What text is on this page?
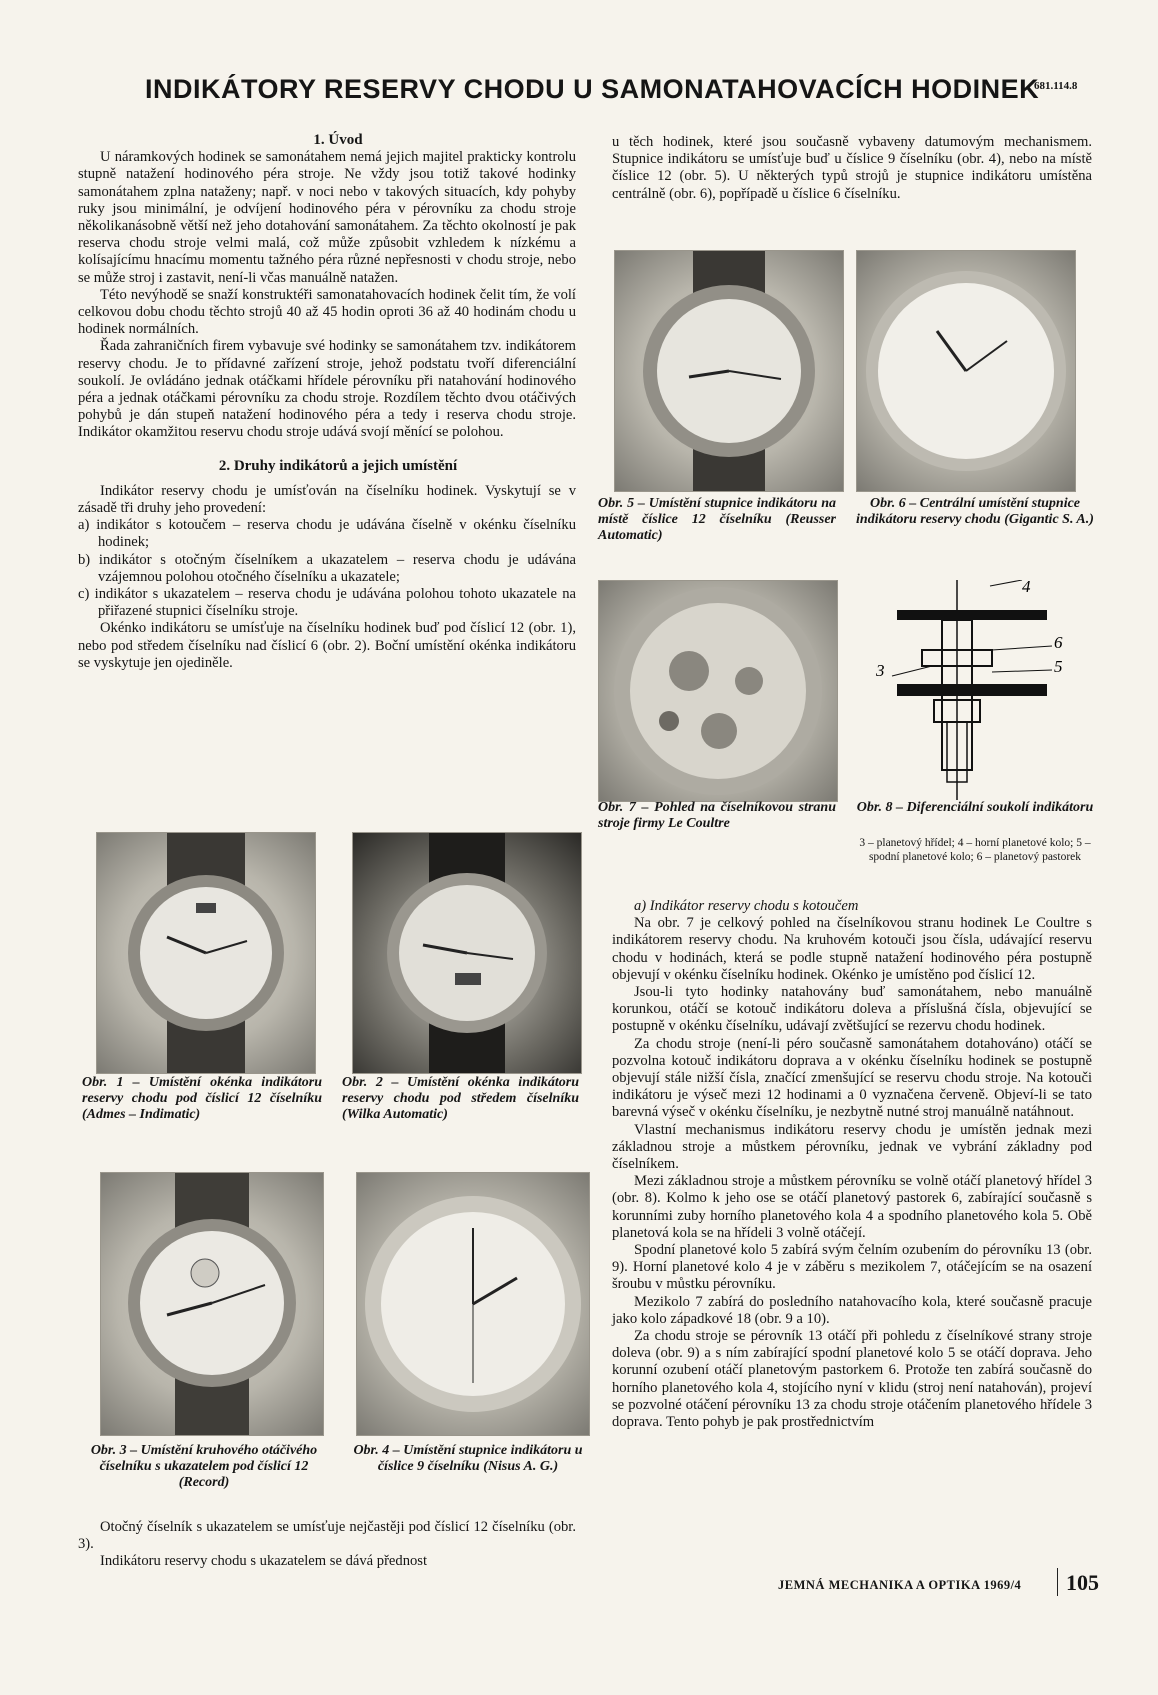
INDIKÁTORY RESERVY CHODU U SAMONATAHOVACÍCH HODINEK
681.114.8

1. Úvod

U náramkových hodinek se samonátahem nemá jejich majitel prakticky kontrolu stupně natažení hodinového péra stroje. Ne vždy jsou totiž takové hodinky samonátahem zplna nataženy; např. v noci nebo v takových situacích, kdy pohyby ruky jsou minimální, je odvíjení hodinového péra v pérovníku za chodu stroje několikanásobně větší než jeho dotahování samonátahem. Za těchto okolností je pak reserva chodu stroje velmi malá, což může způsobit vzhledem k nízkému a kolísajícímu hnacímu momentu tažného péra různé nepřesnosti v chodu stroje, nebo se může stroj i zastavit, není-li včas manuálně natažen.

Této nevýhodě se snaží konstruktéři samonatahovacích hodinek čelit tím, že volí celkovou dobu chodu těchto strojů 40 až 45 hodin oproti 36 až 40 hodinám chodu u hodinek normálních.

Řada zahraničních firem vybavuje své hodinky se samonátahem tzv. indikátorem reservy chodu. Je to přídavné zařízení stroje, jehož podstatu tvoří diferenciální soukolí. Je ovládáno jednak otáčkami hřídele pérovníku při natahování hodinového péra a jednak otáčkami pérovníku za chodu stroje. Rozdílem těchto dvou otáčivých pohybů je dán stupeň natažení hodinového péra a tedy i reserva chodu stroje. Indikátor okamžitou reservu chodu stroje udává svojí měnící se polohou.

2. Druhy indikátorů a jejich umístění

Indikátor reservy chodu je umísťován na číselníku hodinek. Vyskytují se v zásadě tři druhy jeho provedení:

a) indikátor s kotoučem – reserva chodu je udávána číselně v okénku číselníku hodinek;

b) indikátor s otočným číselníkem a ukazatelem – reserva chodu je udávána vzájemnou polohou otočného číselníku a ukazatele;

c) indikátor s ukazatelem – reserva chodu je udávána polohou tohoto ukazatele na přiřazené stupnici číselníku stroje.

Okénko indikátoru se umísťuje na číselníku hodinek buď pod číslicí 12 (obr. 1), nebo pod středem číselníku nad číslicí 6 (obr. 2). Boční umístění okénka indikátoru se vyskytuje jen ojediněle.

Obr. 1 – Umístění okénka indikátoru reservy chodu pod číslicí 12 číselníku (Admes – Indimatic)
Obr. 2 – Umístění okénka indikátoru reservy chodu pod středem číselníku (Wilka Automatic)
Obr. 3 – Umístění kruhového otáčivého číselníku s ukazatelem pod číslicí 12 (Record)
Obr. 4 – Umístění stupnice indikátoru u číslice 9 číselníku (Nisus A. G.)

Otočný číselník s ukazatelem se umísťuje nejčastěji pod číslicí 12 číselníku (obr. 3).

Indikátoru reservy chodu s ukazatelem se dává přednost

u těch hodinek, které jsou současně vybaveny datumovým mechanismem. Stupnice indikátoru se umísťuje buď u číslice 9 číselníku (obr. 4), nebo na místě číslice 12 (obr. 5). U některých typů strojů je stupnice indikátoru umístěna centrálně (obr. 6), popřípadě u číslice 6 číselníku.

Obr. 5 – Umístění stupnice indikátoru na místě číslice 12 číselníku (Reusser Automatic)
Obr. 6 – Centrální umístění stupnice indikátoru reservy chodu (Gigantic S. A.)
4
3
6
5
Obr. 7 – Pohled na číselníkovou stranu stroje firmy Le Coultre
Obr. 8 – Diferenciální soukolí indikátoru
3 – planetový hřídel; 4 – horní planetové kolo; 5 – spodní planetové kolo; 6 – planetový pastorek

a) Indikátor reservy chodu s kotoučem

Na obr. 7 je celkový pohled na číselníkovou stranu hodinek Le Coultre s indikátorem reservy chodu. Na kruhovém kotouči jsou čísla, udávající reservu chodu v hodinách, která se podle stupně natažení hodinového péra postupně objevují v okénku číselníku hodinek. Okénko je umístěno pod číslicí 12.

Jsou-li tyto hodinky natahovány buď samonátahem, nebo manuálně korunkou, otáčí se kotouč indikátoru doleva a příslušná čísla, objevující se postupně v okénku číselníku, udávají zvětšující se rezervu chodu hodinek.

Za chodu stroje (není-li péro současně samonátahem dotahováno) otáčí se pozvolna kotouč indikátoru doprava a v okénku číselníku hodinek se postupně objevují stále nižší čísla, značící zmenšující se reservu chodu stroje. Na kotouči indikátoru je výseč mezi 12 hodinami a 0 vyznačena červeně. Objeví-li se tato barevná výseč v okénku číselníku, je nezbytně nutné stroj manuálně natáhnout.

Vlastní mechanismus indikátoru reservy chodu je umístěn jednak mezi základnou stroje a můstkem pérovníku, jednak ve vybrání základny pod číselníkem.

Mezi základnou stroje a můstkem pérovníku se volně otáčí planetový hřídel 3 (obr. 8). Kolmo k jeho ose se otáčí planetový pastorek 6, zabírající současně s korunními zuby horního planetového kola 4 a spodního planetového kola 5. Obě planetová kola se na hřídeli 3 volně otáčejí.

Spodní planetové kolo 5 zabírá svým čelním ozubením do pérovníku 13 (obr. 9). Horní planetové kolo 4 je v záběru s mezikolem 7, otáčejícím se na osazení šroubu v můstku pérovníku.

Mezikolo 7 zabírá do posledního natahovacího kola, které současně pracuje jako kolo západkové 18 (obr. 9 a 10).

Za chodu stroje se pérovník 13 otáčí při pohledu z číselníkové strany stroje doleva (obr. 9) a s ním zabírající spodní planetové kolo 5 se otáčí doprava. Jeho korunní ozubení otáčí planetovým pastorkem 6. Protože ten zabírá současně do horního planetového kola 4, stojícího nyní v klidu (stroj není natahován), projeví se pozvolné otáčení pérovníku 13 za chodu stroje otáčením planetového hřídele 3 doprava. Tento pohyb je pak prostřednictvím

JEMNÁ MECHANIKA A OPTIKA 1969/4 105
